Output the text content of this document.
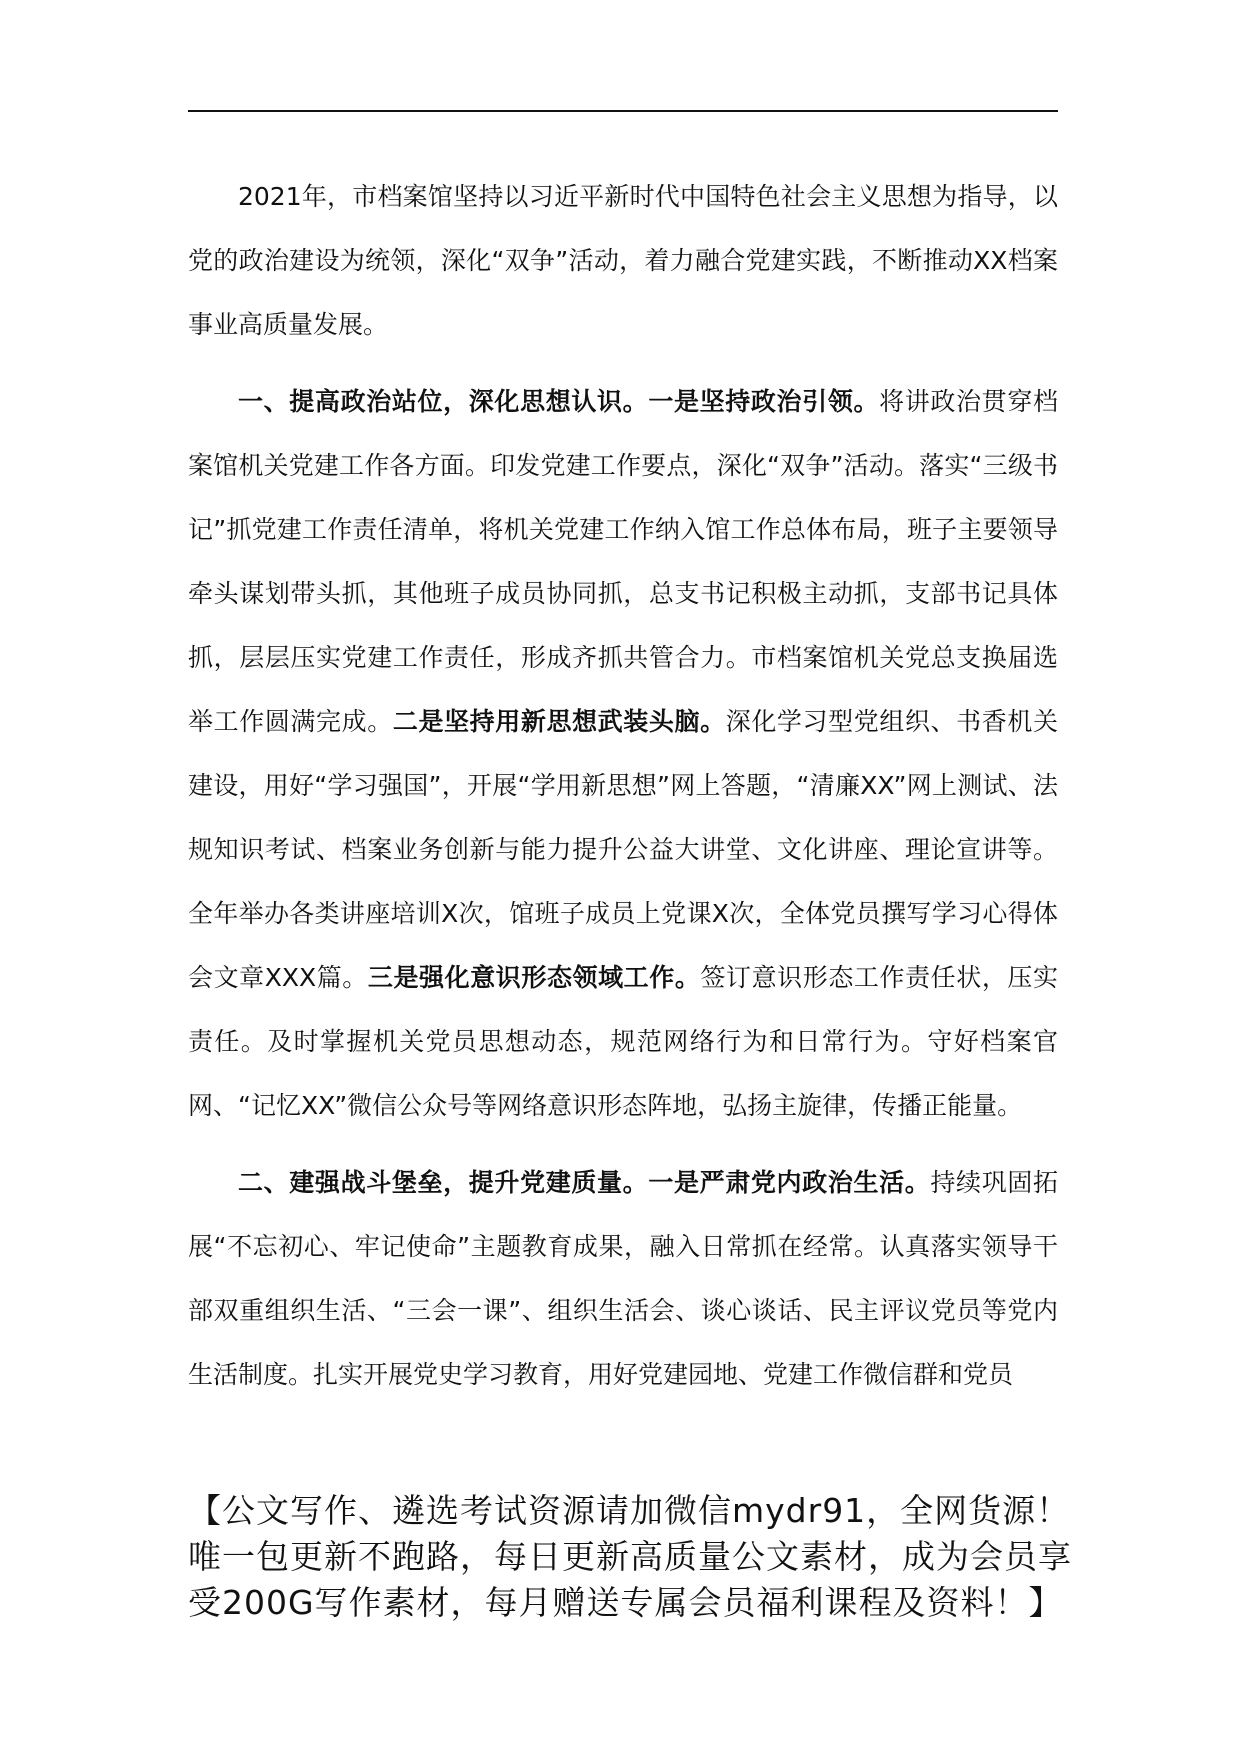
2021年，市档案馆坚持以习近平新时代中国特色社会主义思想为指导，以党的政治建设为统领，深化“双争”活动，着力融合党建实践，不断推动XX档案事业高质量发展。

一、提高政治站位，深化思想认识。一是坚持政治引领。将讲政治贯穿档案馆机关党建工作各方面。印发党建工作要点，深化“双争”活动。落实“三级书记”抓党建工作责任清单，将机关党建工作纳入馆工作总体布局，班子主要领导牵头谋划带头抓，其他班子成员协同抓，总支书记积极主动抓，支部书记具体抓，层层压实党建工作责任，形成齐抓共管合力。市档案馆机关党总支换届选举工作圆满完成。二是坚持用新思想武装头脑。深化学习型党组织、书香机关建设，用好“学习强国”，开展“学用新思想”网上答题，“清廉XX”网上测试、法规知识考试、档案业务创新与能力提升公益大讲堂、文化讲座、理论宣讲等。全年举办各类讲座培训X次，馆班子成员上党课X次，全体党员撰写学习心得体会文章XXX篇。三是强化意识形态领域工作。签订意识形态工作责任状，压实责任。及时掌握机关党员思想动态，规范网络行为和日常行为。守好档案官网、“记忆XX”微信公众号等网络意识形态阵地，弘扬主旋律，传播正能量。

二、建强战斗堡垒，提升党建质量。一是严肃党内政治生活。持续巩固拓展“不忘初心、牢记使命”主题教育成果，融入日常抓在经常。认真落实领导干部双重组织生活、“三会一课”、组织生活会、谈心谈话、民主评议党员等党内生活制度。扎实开展党史学习教育，用好党建园地、党建工作微信群和党员

【公文写作、遴选考试资源请加微信mydr91，全网货源！唯一包更新不跑路，每日更新高质量公文素材，成为会员享受200G写作素材，每月赠送专属会员福利课程及资料！】
